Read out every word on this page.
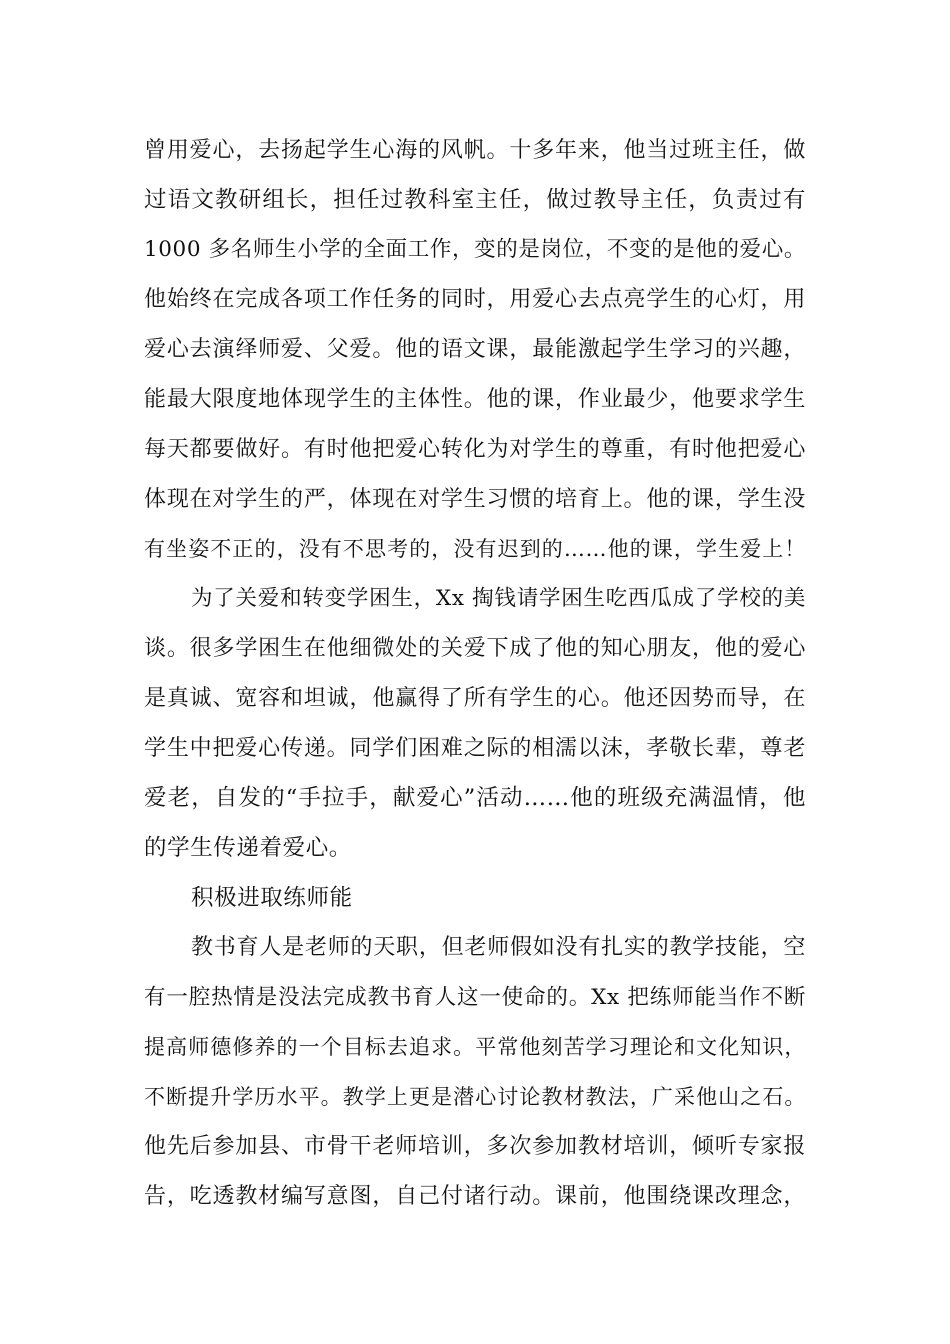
曾用爱心，去扬起学生心海的风帆。十多年来，他当过班主任，做
过语文教研组长，担任过教科室主任，做过教导主任，负责过有
1000 多名师生小学的全面工作，变的是岗位，不变的是他的爱心。
他始终在完成各项工作任务的同时，用爱心去点亮学生的心灯，用
爱心去演绎师爱、父爱。他的语文课，最能激起学生学习的兴趣，
能最大限度地体现学生的主体性。他的课，作业最少，他要求学生
每天都要做好。有时他把爱心转化为对学生的尊重，有时他把爱心
体现在对学生的严，体现在对学生习惯的培育上。他的课，学生没
有坐姿不正的，没有不思考的，没有迟到的……他的课，学生爱上！
为了关爱和转变学困生，Xx 掏钱请学困生吃西瓜成了学校的美
谈。很多学困生在他细微处的关爱下成了他的知心朋友，他的爱心
是真诚、宽容和坦诚，他赢得了所有学生的心。他还因势而导，在
学生中把爱心传递。同学们困难之际的相濡以沫，孝敬长辈，尊老
爱老，自发的“手拉手，献爱心”活动……他的班级充满温情，他
的学生传递着爱心。
积极进取练师能
教书育人是老师的天职，但老师假如没有扎实的教学技能，空
有一腔热情是没法完成教书育人这一使命的。Xx 把练师能当作不断
提高师德修养的一个目标去追求。平常他刻苦学习理论和文化知识，
不断提升学历水平。教学上更是潜心讨论教材教法，广采他山之石。
他先后参加县、市骨干老师培训，多次参加教材培训，倾听专家报
告，吃透教材编写意图，自己付诸行动。课前，他围绕课改理念，
